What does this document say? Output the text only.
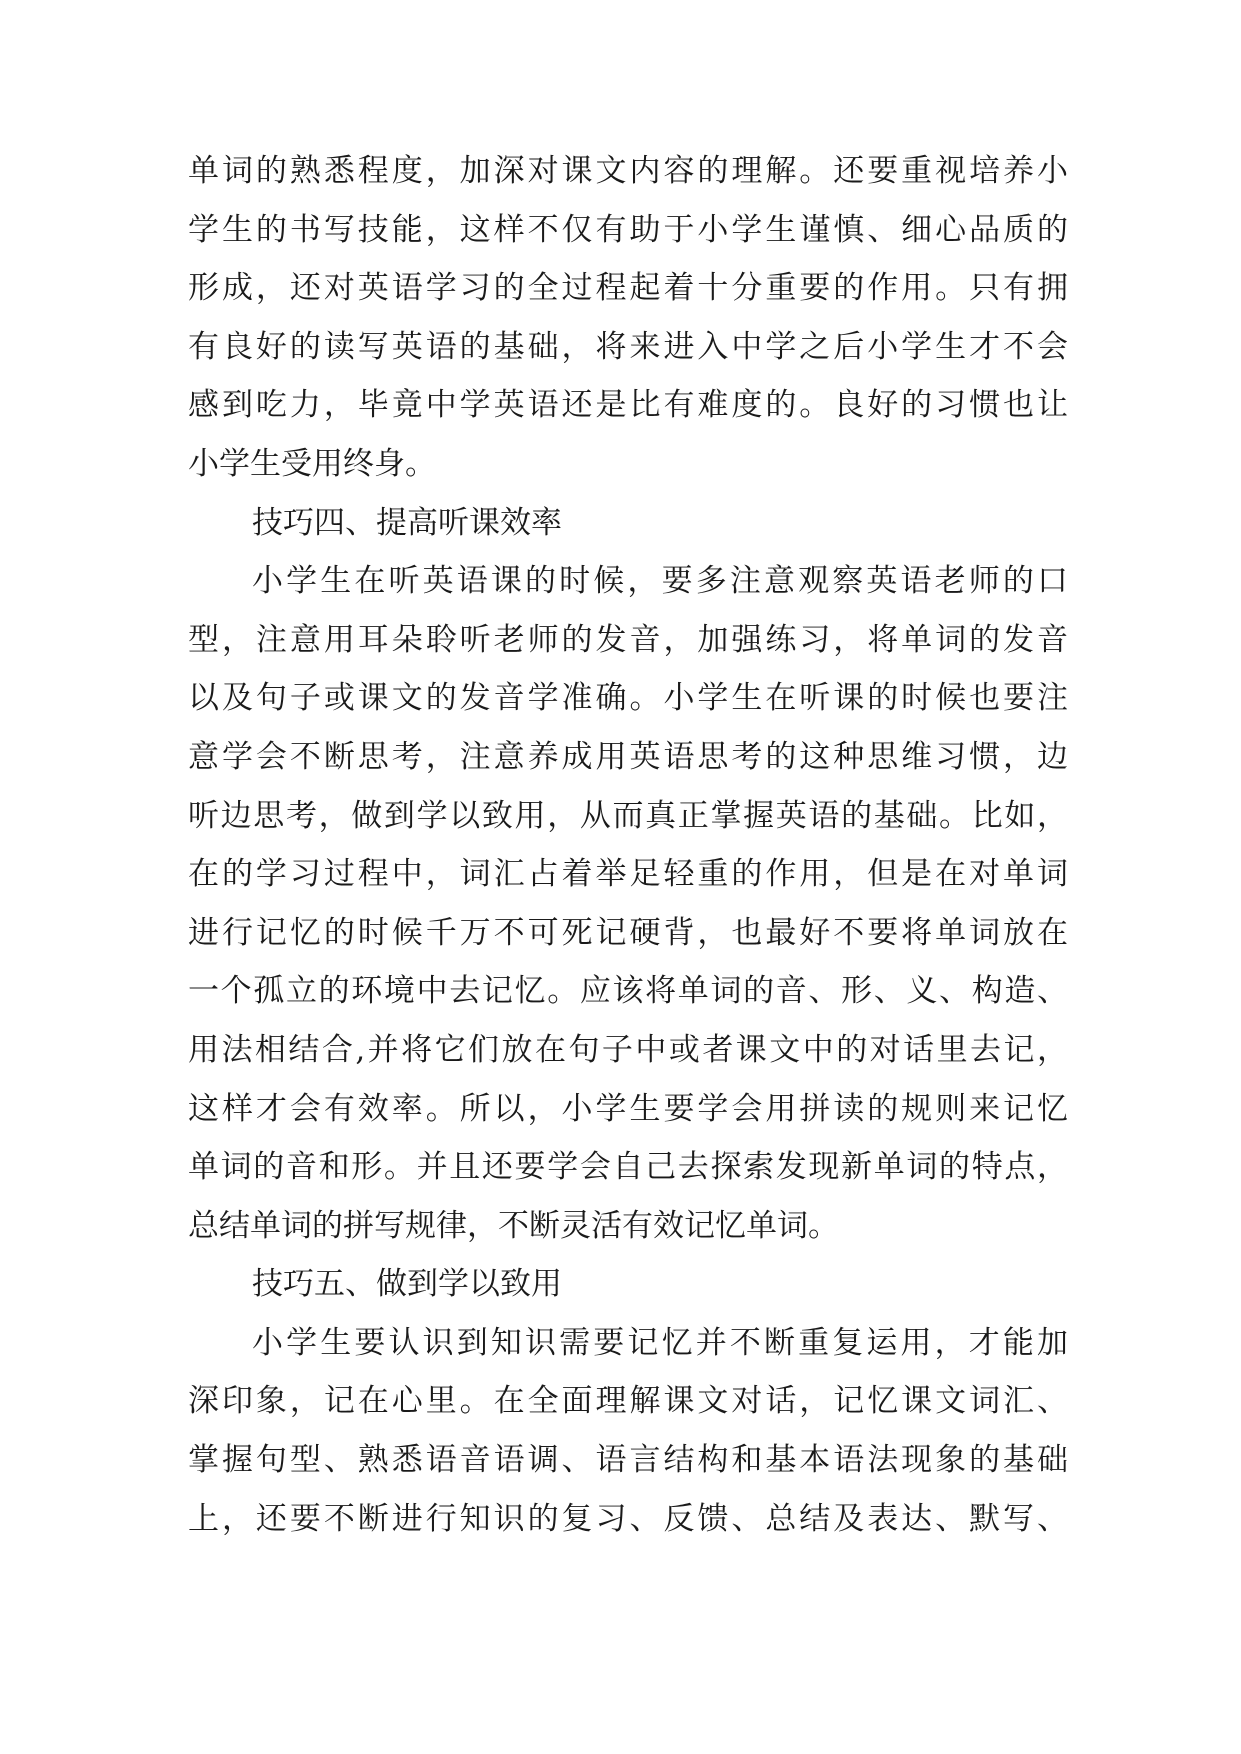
单词的熟悉程度，加深对课文内容的理解。还要重视培养小
学生的书写技能，这样不仅有助于小学生谨慎、细心品质的
形成，还对英语学习的全过程起着十分重要的作用。只有拥
有良好的读写英语的基础，将来进入中学之后小学生才不会
感到吃力，毕竟中学英语还是比有难度的。良好的习惯也让
小学生受用终身。
技巧四、提高听课效率
小学生在听英语课的时候，要多注意观察英语老师的口
型，注意用耳朵聆听老师的发音，加强练习，将单词的发音
以及句子或课文的发音学准确。小学生在听课的时候也要注
意学会不断思考，注意养成用英语思考的这种思维习惯，边
听边思考，做到学以致用，从而真正掌握英语的基础。比如，
在的学习过程中，词汇占着举足轻重的作用，但是在对单词
进行记忆的时候千万不可死记硬背，也最好不要将单词放在
一个孤立的环境中去记忆。应该将单词的音、形、义、构造、
用法相结合,并将它们放在句子中或者课文中的对话里去记，
这样才会有效率。所以，小学生要学会用拼读的规则来记忆
单词的音和形。并且还要学会自己去探索发现新单词的特点，
总结单词的拼写规律，不断灵活有效记忆单词。
技巧五、做到学以致用
小学生要认识到知识需要记忆并不断重复运用，才能加
深印象，记在心里。在全面理解课文对话，记忆课文词汇、
掌握句型、熟悉语音语调、语言结构和基本语法现象的基础
上，还要不断进行知识的复习、反馈、总结及表达、默写、
